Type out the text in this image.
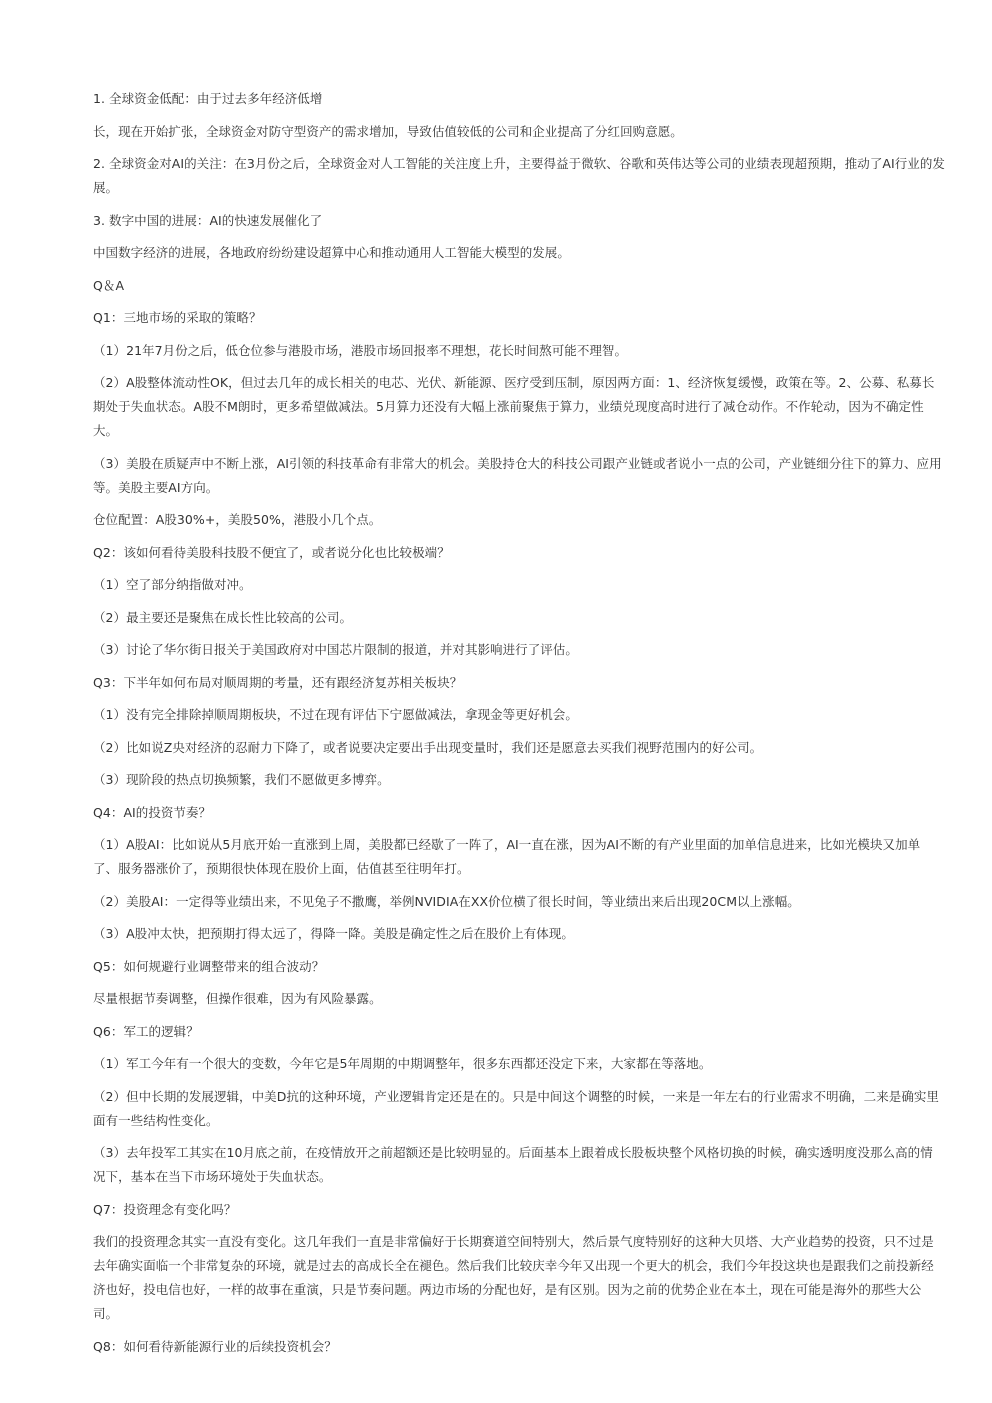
1. 全球资金低配：由于过去多年经济低增

长，现在开始扩张，全球资金对防守型资产的需求增加，导致估值较低的公司和企业提高了分红回购意愿。

2. 全球资金对AI的关注：在3月份之后，全球资金对人工智能的关注度上升，主要得益于微软、谷歌和英伟达等公司的业绩表现超预期，推动了AI行业的发展。

3. 数字中国的进展：AI的快速发展催化了

中国数字经济的进展，各地政府纷纷建设超算中心和推动通用人工智能大模型的发展。

Q＆A

Q1：三地市场的采取的策略？

（1）21年7月份之后，低仓位参与港股市场，港股市场回报率不理想，花长时间熬可能不理智。

（2）A股整体流动性OK，但过去几年的成长相关的电芯、光伏、新能源、医疗受到压制，原因两方面：1、经济恢复缓慢，政策在等。2、公募、私募长期处于失血状态。A股不M朗时，更多希望做减法。5月算力还没有大幅上涨前聚焦于算力，业绩兑现度高时进行了减仓动作。不作轮动，因为不确定性大。

（3）美股在质疑声中不断上涨，AI引领的科技革命有非常大的机会。美股持仓大的科技公司跟产业链或者说小一点的公司，产业链细分往下的算力、应用等。美股主要AI方向。

仓位配置：A股30%+，美股50%，港股小几个点。

Q2：该如何看待美股科技股不便宜了，或者说分化也比较极端？

（1）空了部分纳指做对冲。

（2）最主要还是聚焦在成长性比较高的公司。

（3）讨论了华尔街日报关于美国政府对中国芯片限制的报道，并对其影响进行了评估。

Q3：下半年如何布局对顺周期的考量，还有跟经济复苏相关板块？

（1）没有完全排除掉顺周期板块，不过在现有评估下宁愿做减法，拿现金等更好机会。

（2）比如说Z央对经济的忍耐力下降了，或者说要决定要出手出现变量时，我们还是愿意去买我们视野范围内的好公司。

（3）现阶段的热点切换频繁，我们不愿做更多博弈。

Q4：AI的投资节奏？

（1）A股AI：比如说从5月底开始一直涨到上周，美股都已经歇了一阵了，AI一直在涨，因为AI不断的有产业里面的加单信息进来，比如光模块又加单了、服务器涨价了，预期很快体现在股价上面，估值甚至往明年打。

（2）美股AI：一定得等业绩出来，不见兔子不撒鹰，举例NVIDIA在XX价位横了很长时间，等业绩出来后出现20CM以上涨幅。

（3）A股冲太快，把预期打得太远了，得降一降。美股是确定性之后在股价上有体现。

Q5：如何规避行业调整带来的组合波动？

尽量根据节奏调整，但操作很难，因为有风险暴露。

Q6：军工的逻辑？

（1）军工今年有一个很大的变数，今年它是5年周期的中期调整年，很多东西都还没定下来，大家都在等落地。

（2）但中长期的发展逻辑，中美D抗的这种环境，产业逻辑肯定还是在的。只是中间这个调整的时候，一来是一年左右的行业需求不明确，二来是确实里面有一些结构性变化。

（3）去年投军工其实在10月底之前，在疫情放开之前超额还是比较明显的。后面基本上跟着成长股板块整个风格切换的时候，确实透明度没那么高的情况下，基本在当下市场环境处于失血状态。

Q7：投资理念有变化吗？

我们的投资理念其实一直没有变化。这几年我们一直是非常偏好于长期赛道空间特别大，然后景气度特别好的这种大贝塔、大产业趋势的投资，只不过是去年确实面临一个非常复杂的环境，就是过去的高成长全在褪色。然后我们比较庆幸今年又出现一个更大的机会，我们今年投这块也是跟我们之前投新经济也好，投电信也好，一样的故事在重演，只是节奏问题。两边市场的分配也好，是有区别。因为之前的优势企业在本土，现在可能是海外的那些大公司。

Q8：如何看待新能源行业的后续投资机会？
